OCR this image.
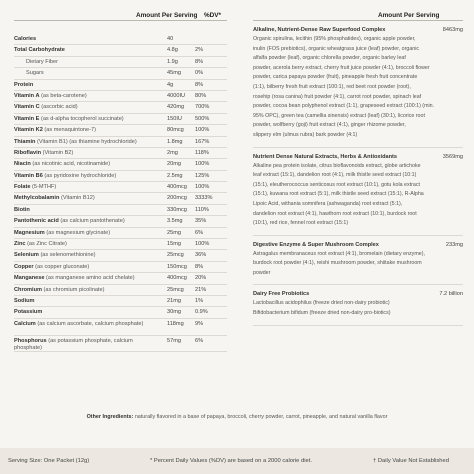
Amount Per Serving %DV*	Amount Per Serving
Calories	40
Total Carbohydrate	4.8g	2%
Dietary Fiber	1.9g	8%
Sugars	45mg	0%
Protein	4g	8%
Vitamin A (as beta-carotene)	4000IU 80%
Vitamin C (ascorbic acid)	420mg 700%
Vitamin E (as d-alpha tocopherol succinate)	150IU 500%
Vitamin K2 (as menaquintone-7)	80mcg 100%
Thiamin (Vitamin B1) (as thiamine hydrochloride)	1.8mg 167%
Riboflavin (Vitamin B2)	2mg	118%
Niacin (as nicotinic acid, nicotinamide)	20mg	100%
Vitamin B6 (as pyridoxine hydrochloride)	2.5mg 125%
Folate (5-MTHF)	400mcg 100%
Methylcobalamin (Vitamin B12)	200mcg 3333%
Biotin	330mcg 110%
Pantothenic acid (as calcium pantothenate)	3.5mg 35%
Magnesium (as magnesium glycinate)	25mg	6%
Zinc (as Zinc Citrate)	15mg	100%
Selenium (as selenomethionine)	25mcg 36%
Copper (as copper gluconate)	150mcg 8%
Manganese (as manganese amino acid chelate)	400mcg 20%
Chromium (as chromium picolinate)	25mcg 21%
Sodium	21mg	1%
Potassium	30mg	0.9%
Calcium (as calcium ascorbate, calcium phosphate)	118mg 9%
Phosphorus (as potassium phosphate, calcium phosphate)
57mg	6%
Alkaline, Nutrient-Dense Raw Superfood Complex	8463mg
Organic spirulina, lecithin (95% phosphatides), organic apple powder,
inulin (FOS prebiotics), organic wheatgrass juice (leaf) powder, organic
alfalfa powder (leaf), organic chlorella powder, organic barley leaf
powder, acerola berry extract, cherry fruit juice powder (4:1), broccoli flower
powder, carica papaya powder (fruit), pineapple fresh fruit concentrate
(1:1), bilberry fresh fruit extract (100:1), red beet root powder (root),
rosehip (rosa canina) fruit powder (4:1), carrot root powder, spinach leaf
powder, cocoa bean polyphenol extract (1:1), grapeseed extract (100:1) (min.
95% OPC), green tea (camellia sinensis) extract (leaf) (30:1), licorice root
powder, wolfberry (goji) fruit extract (4:1), ginger rhizome powder,
slippery elm (ulmus rubra) bark powder (4:1)
Nutrient Dense Natural Extracts, Herbs & Antioxidants	3569mg
Alkaline pea protein isolate, citrus bioflavonoids extract, globe artichoke
leaf extract (15:1), dandelion root (4:1), milk thistle seed extract (10:1)
(15:1), eleutherococcus senticosus root extract (10:1), gotu kola extract
(15:1), kuwana root extract (5:1), milk thistle seed extract (15:1), R-Alpha
Lipoic Acid, withania somnifera (ashwaganda) root extract (5:1),
dandelion root extract (4:1), hawthorn root extract (10:1), burdock root
(10:1), red rice, fennel root extract (15:1)
Digestive Enzyme & Super Mushroom Complex	233mg
Astragalus membranaceus root extract (4:1), bromelain (dietary enzyme),
burdock root powder (4:1), reishi mushroom powder, shiitake mushroom
powder
Dairy Free Probiotics	7.2 billion
Lactobacillus acidophilus (freeze dried non-dairy probiotic)
Bifidobacterium bifidum (freeze dried non-dairy pro-biotics)
Other Ingredients: naturally flavored in a base of papaya, broccoli, cherry powder, carrot, pineapple, and natural vanilla flavor
Serving Size: One Packet (12g)	* Percent Daily Values (%DV) are based on a 2000 calorie diet.	† Daily Value Not Established
